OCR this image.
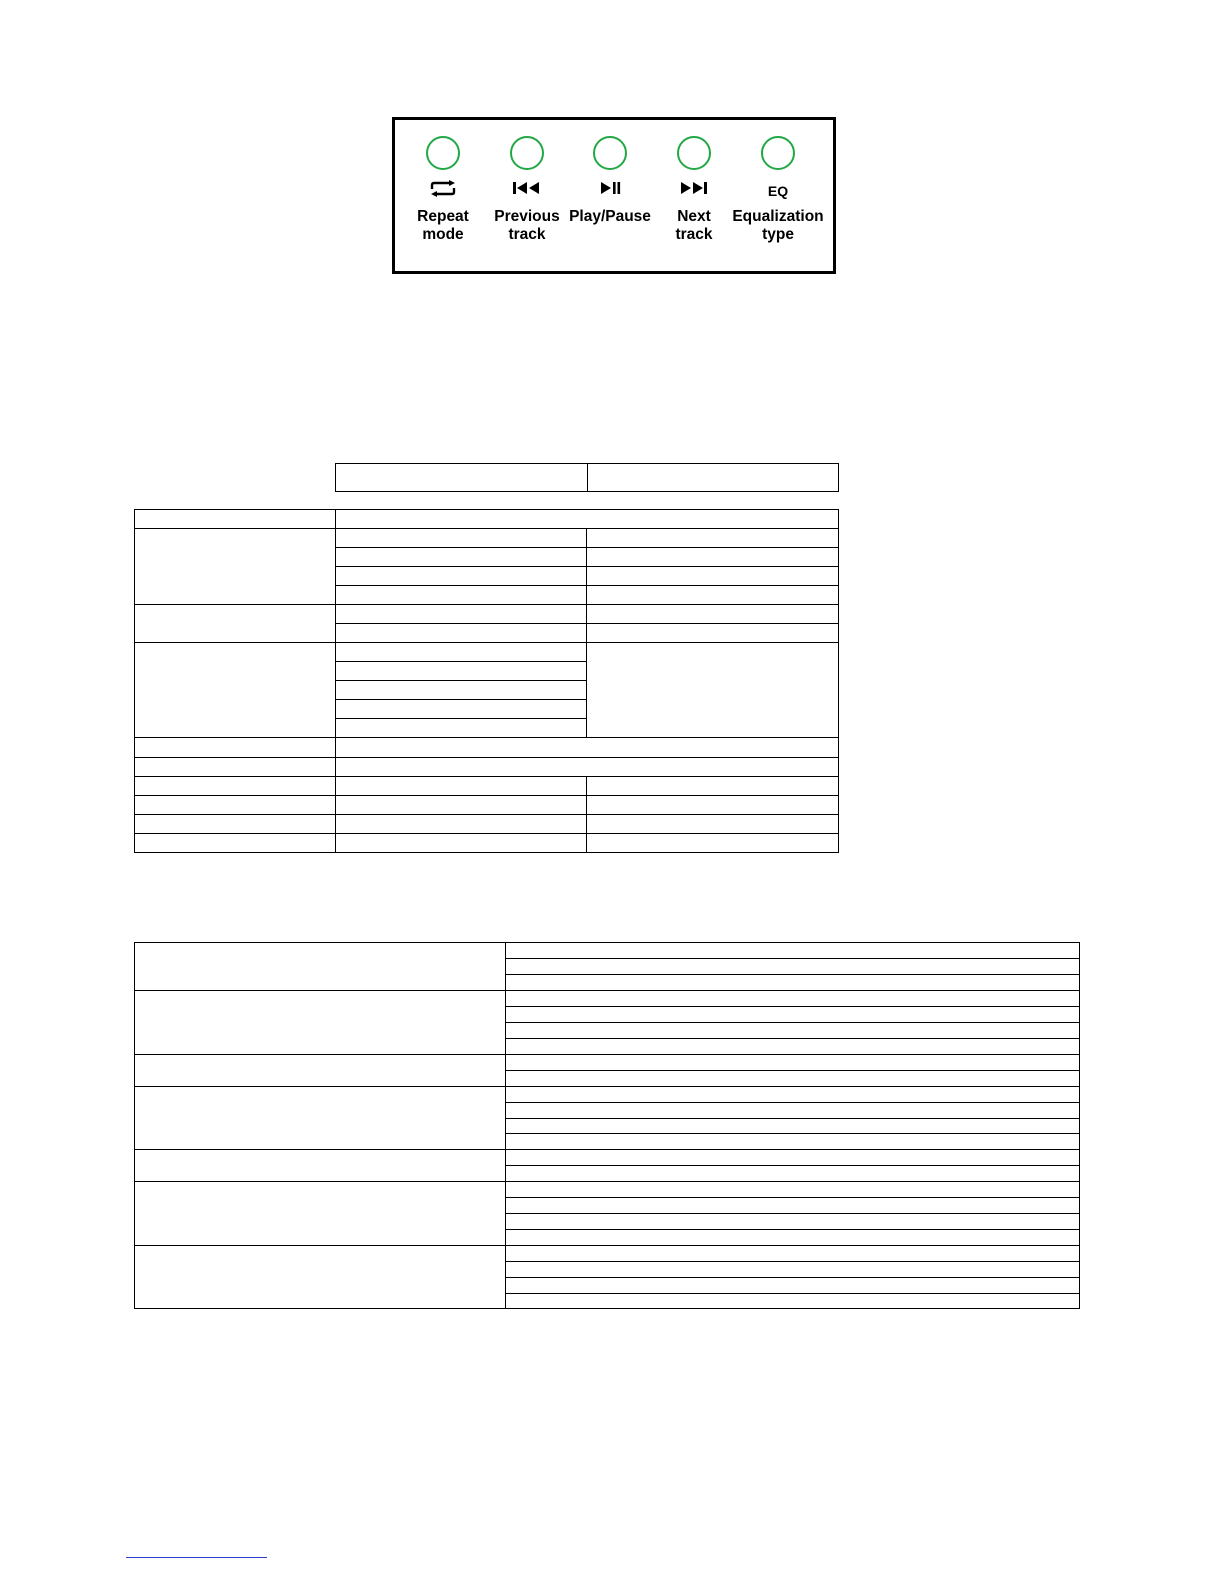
Repeat
mode
Previous
track
Play/Pause	Next
track
EQ
Equalization
type
